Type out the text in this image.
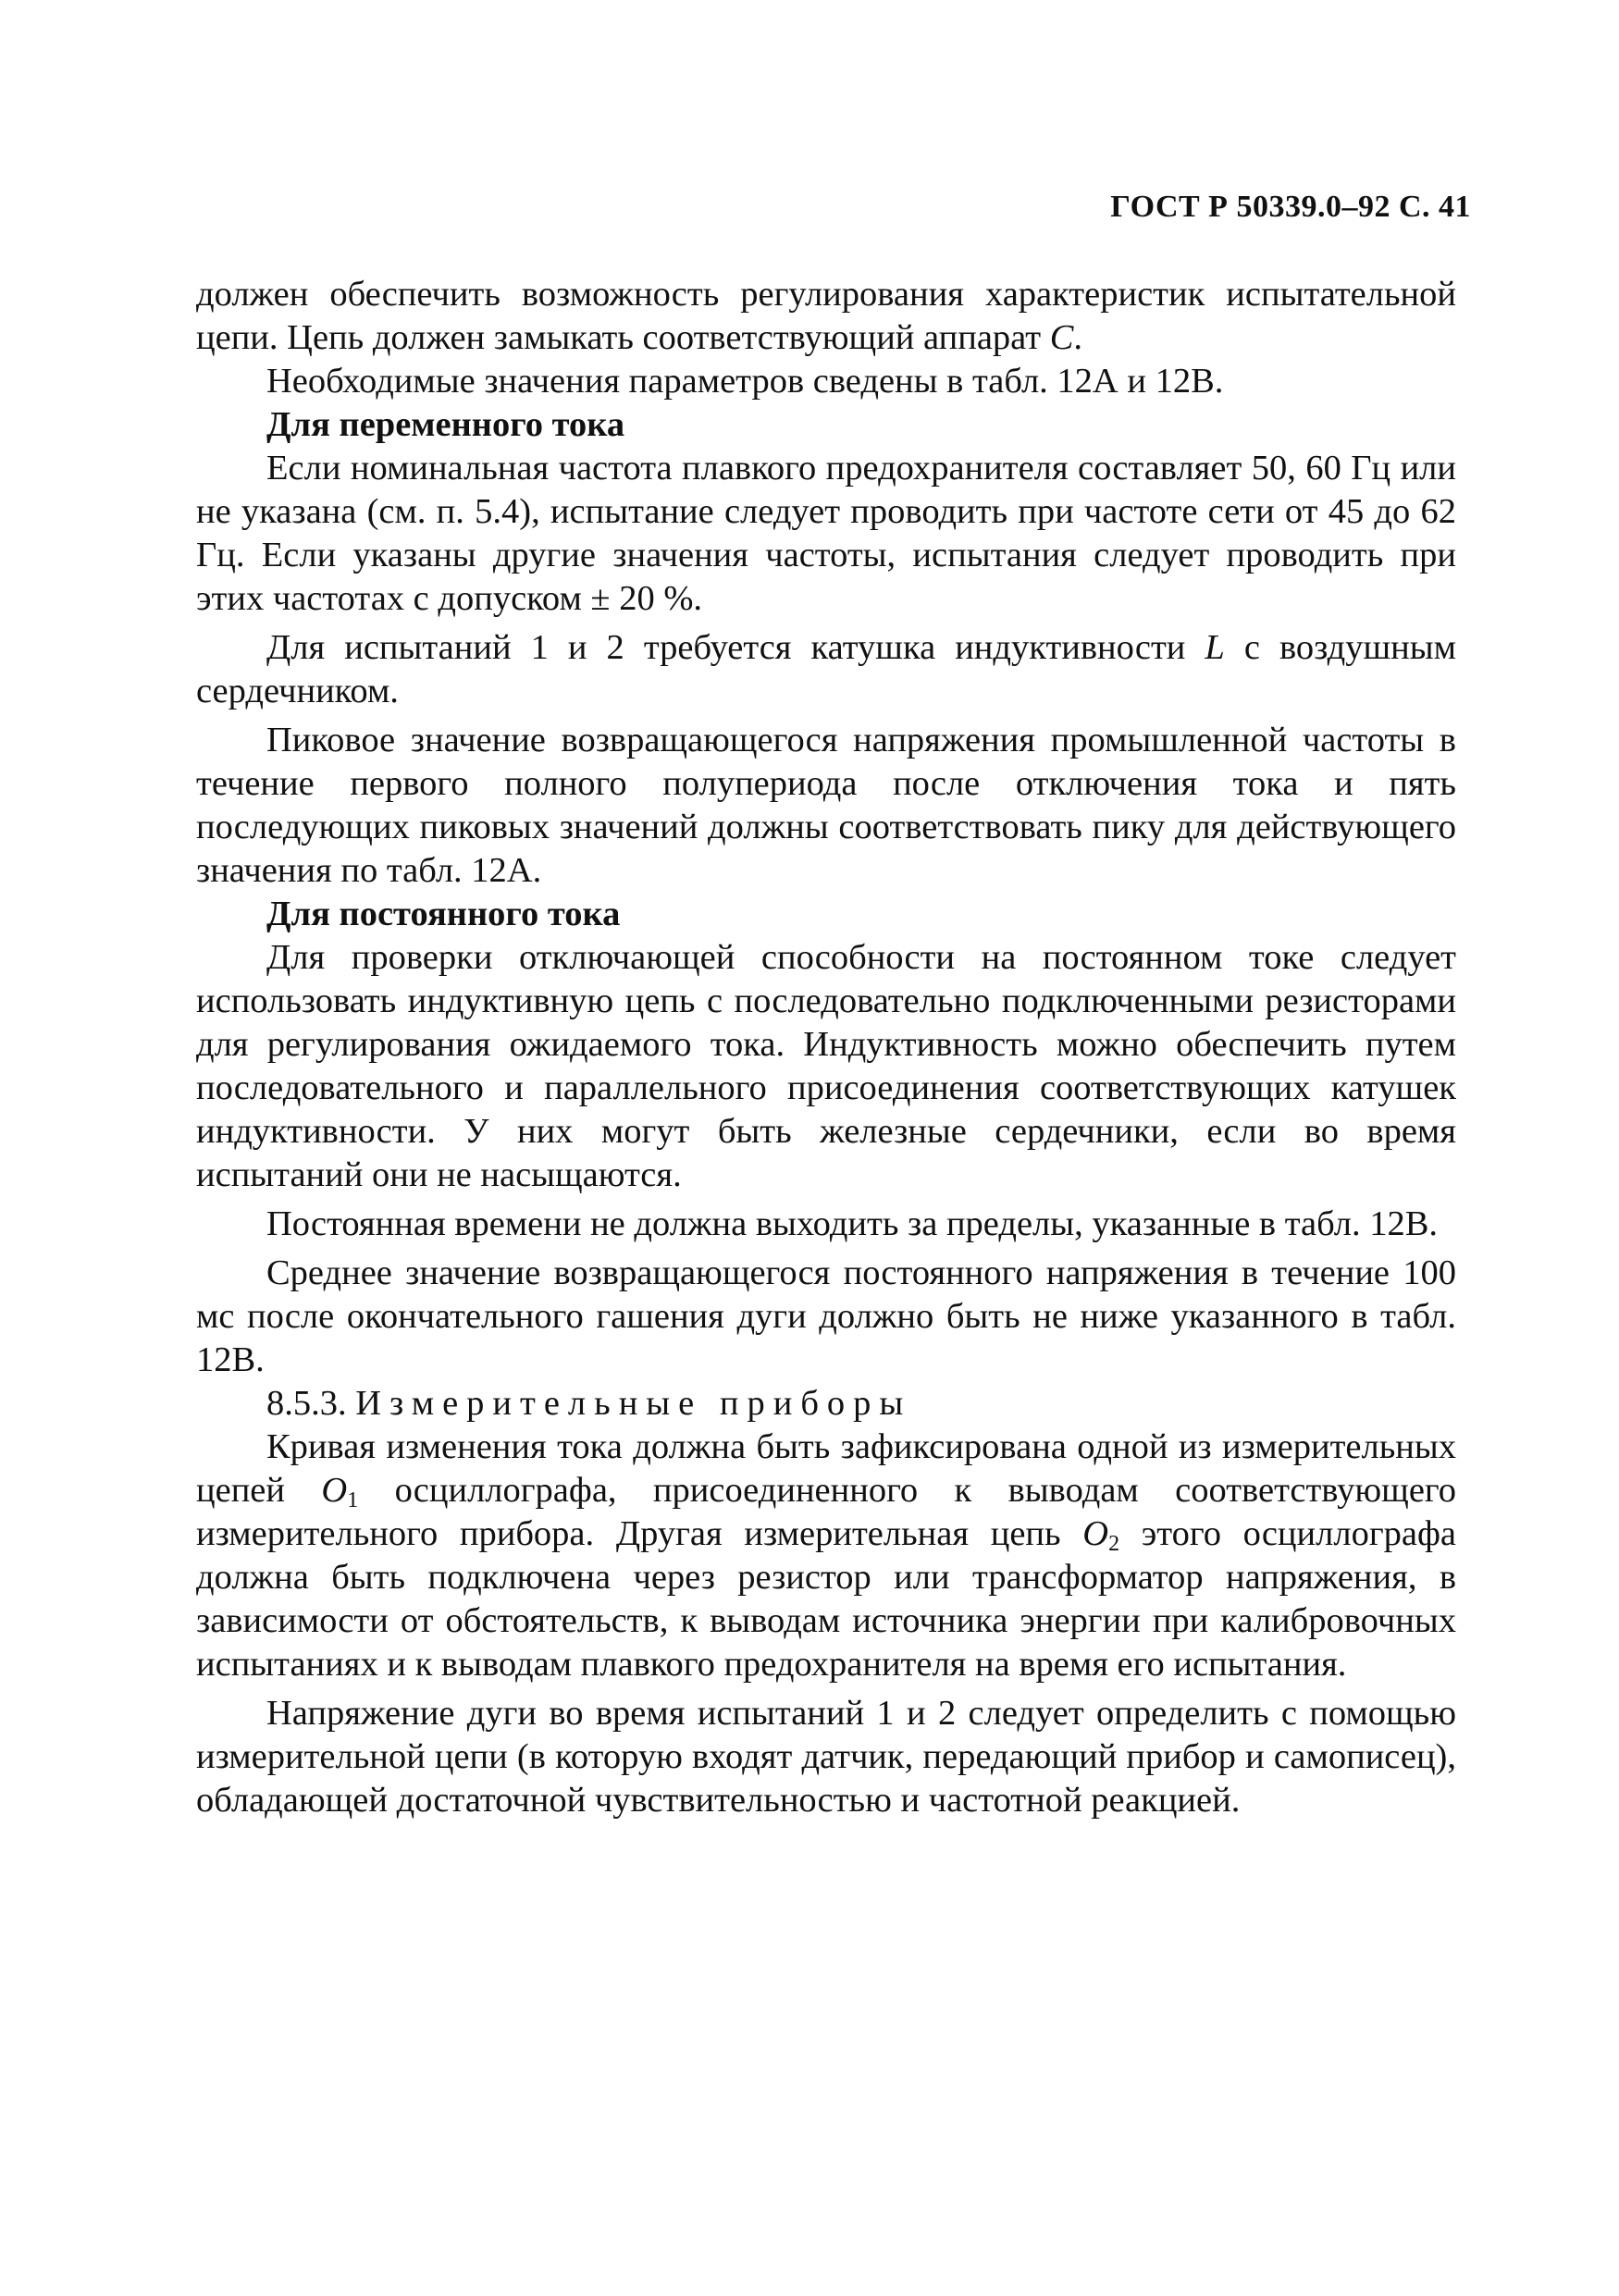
ГОСТ Р 50339.0–92 С. 41

должен обеспечить возможность регулирования характеристик испытательной цепи. Цепь должен замыкать соответствующий аппарат C.

Необходимые значения параметров сведены в табл. 12А и 12В.

Для переменного тока

Если номинальная частота плавкого предохранителя составляет 50, 60 Гц или не указана (см. п. 5.4), испытание следует проводить при частоте сети от 45 до 62 Гц. Если указаны другие значения частоты, испытания следует проводить при этих частотах с допуском ± 20 %.

Для испытаний 1 и 2 требуется катушка индуктивности L с воздушным сердечником.

Пиковое значение возвращающегося напряжения промышленной частоты в течение первого полного полупериода после отключения тока и пять последующих пиковых значений должны соответствовать пику для действующего значения по табл. 12А.

Для постоянного тока

Для проверки отключающей способности на постоянном токе следует использовать индуктивную цепь с последовательно подключенными резисторами для регулирования ожидаемого тока. Индуктивность можно обеспечить путем последовательного и параллельного присоединения соответствующих катушек индуктивности. У них могут быть железные сердечники, если во время испытаний они не насыщаются.

Постоянная времени не должна выходить за пределы, указанные в табл. 12В.

Среднее значение возвращающегося постоянного напряжения в течение 100 мс после окончательного гашения дуги должно быть не ниже указанного в табл. 12В.

8.5.3. Измерительные приборы

Кривая изменения тока должна быть зафиксирована одной из измерительных цепей $O_1$ осциллографа, присоединенного к выводам соответствующего измерительного прибора. Другая измерительная цепь $O_2$ этого осциллографа должна быть подключена через резистор или трансформатор напряжения, в зависимости от обстоятельств, к выводам источника энергии при калибровочных испытаниях и к выводам плавкого предохранителя на время его испытания.

Напряжение дуги во время испытаний 1 и 2 следует определить с помощью измерительной цепи (в которую входят датчик, передающий прибор и самописец), обладающей достаточной чувствительностью и частотной реакцией.
